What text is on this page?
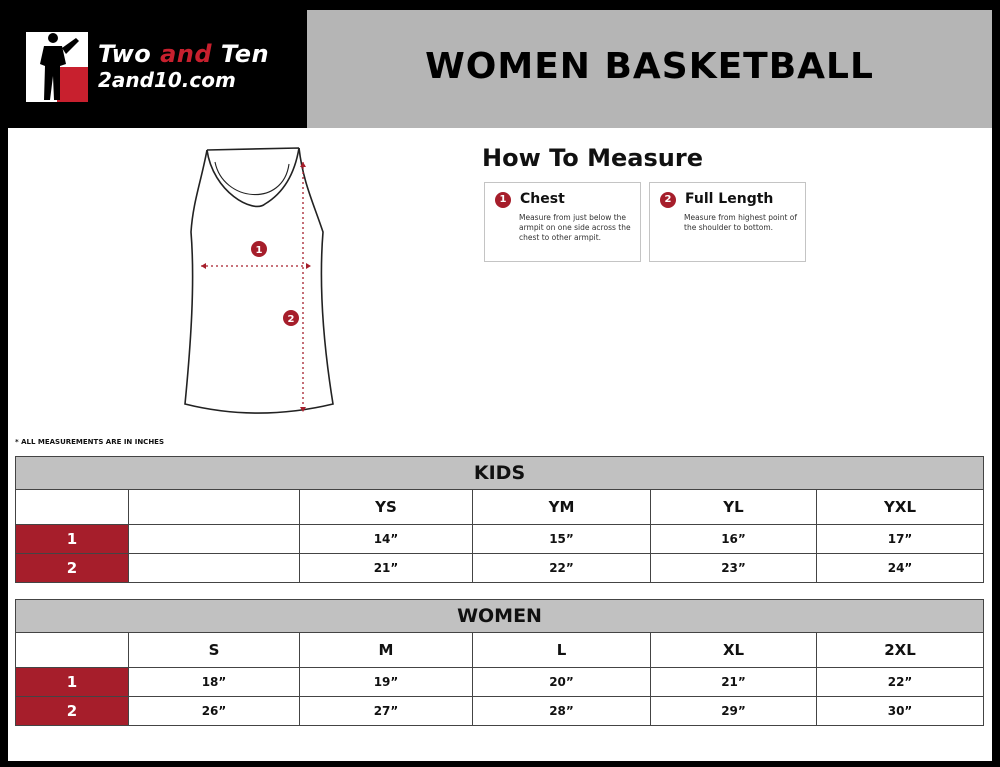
Two and Ten
2and10.com	WOMEN BASKETBALL
1
2
How To Measure
1 Chest
Measure from just below the armpit on one side across the chest to other armpit.
2 Full Length
Measure from highest point of the shoulder to bottom.
* ALL MEASUREMENTS ARE IN INCHES
KIDS					
		YS	YM	YL	YXL
1		14”	15”	16”	17”
2		21”	22”	23”	24”
WOMEN					
	S	M	L	XL	2XL
1	18”	19”	20”	21”	22”
2	26”	27”	28”	29”	30”
